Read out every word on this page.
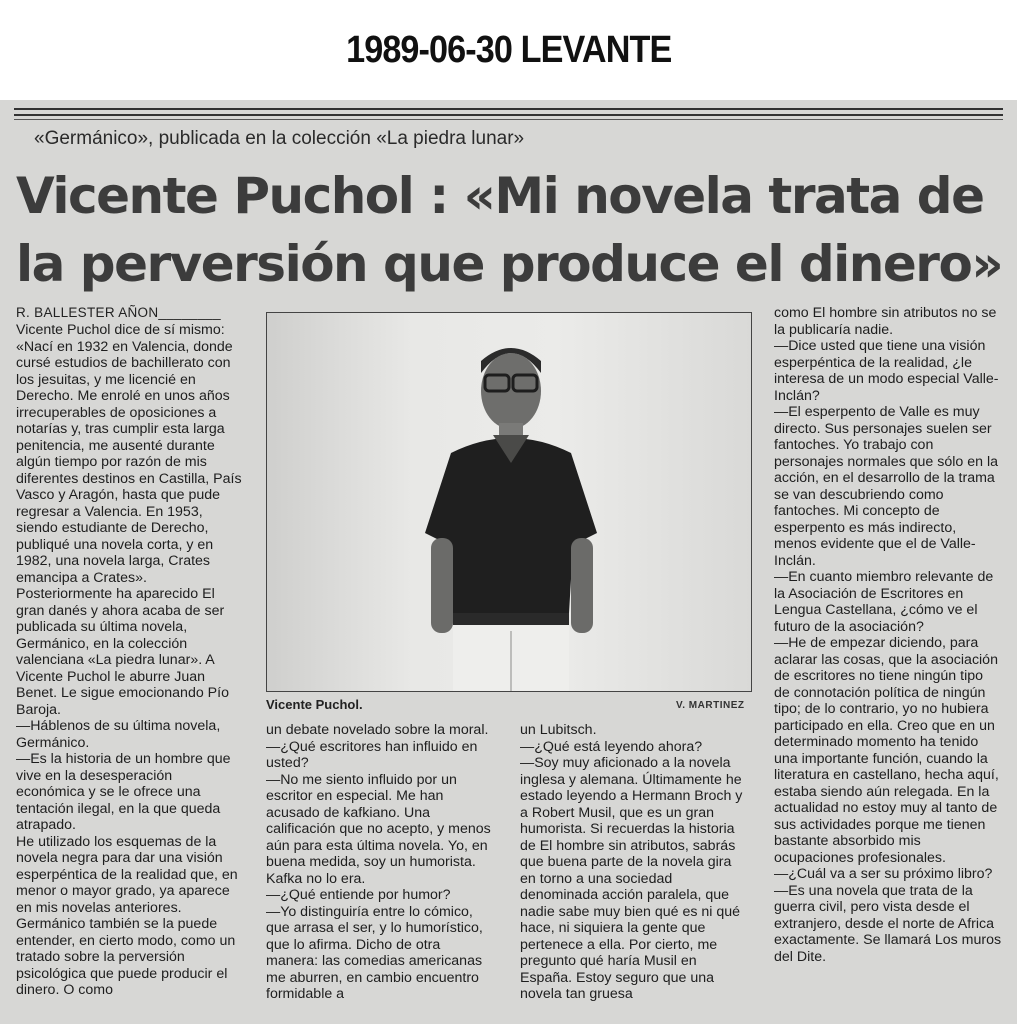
1989-06-30 LEVANTE
«Germánico», publicada en la colección «La piedra lunar»
Vicente Puchol : «Mi novela trata de la perversión que produce el dinero»
R. BALLESTER AÑON________
Vicente Puchol dice de sí mismo: «Nací en 1932 en Valencia, donde cursé estudios de bachillerato con los jesuitas, y me licencié en Derecho. Me enrolé en unos años irrecuperables de oposiciones a notarías y, tras cumplir esta larga penitencia, me ausenté durante algún tiempo por razón de mis diferentes destinos en Castilla, País Vasco y Aragón, hasta que pude regresar a Valencia. En 1953, siendo estudiante de Derecho, publiqué una novela corta, y en 1982, una novela larga, Crates emancipa a Crates». Posteriormente ha aparecido El gran danés y ahora acaba de ser publicada su última novela, Germánico, en la colección valenciana «La piedra lunar». A Vicente Puchol le aburre Juan Benet. Le sigue emocionando Pío Baroja.
—Háblenos de su última novela, Germánico.
—Es la historia de un hombre que vive en la desesperación económica y se le ofrece una tentación ilegal, en la que queda atrapado.
He utilizado los esquemas de la novela negra para dar una visión esperpéntica de la realidad que, en menor o mayor grado, ya aparece en mis novelas anteriores.
Germánico también se la puede entender, en cierto modo, como un tratado sobre la perversión psicológica que puede producir el dinero. O como
Vicente Puchol.	V. MARTINEZ
un debate novelado sobre la moral.
—¿Qué escritores han influido en usted?
—No me siento influido por un escritor en especial. Me han acusado de kafkiano. Una calificación que no acepto, y menos aún para esta última novela. Yo, en buena medida, soy un humorista. Kafka no lo era.
—¿Qué entiende por humor?
—Yo distinguiría entre lo cómico, que arrasa el ser, y lo humorístico, que lo afirma. Dicho de otra manera: las comedias americanas me aburren, en cambio encuentro formidable a
un Lubitsch.
—¿Qué está leyendo ahora?
—Soy muy aficionado a la novela inglesa y alemana. Últimamente he estado leyendo a Hermann Broch y a Robert Musil, que es un gran humorista. Si recuerdas la historia de El hombre sin atributos, sabrás que buena parte de la novela gira en torno a una sociedad denominada acción paralela, que nadie sabe muy bien qué es ni qué hace, ni siquiera la gente que pertenece a ella. Por cierto, me pregunto qué haría Musil en España. Estoy seguro que una novela tan gruesa
como El hombre sin atributos no se la publicaría nadie.
—Dice usted que tiene una visión esperpéntica de la realidad, ¿le interesa de un modo especial Valle-Inclán?
—El esperpento de Valle es muy directo. Sus personajes suelen ser fantoches. Yo trabajo con personajes normales que sólo en la acción, en el desarrollo de la trama se van descubriendo como fantoches. Mi concepto de esperpento es más indirecto, menos evidente que el de Valle-Inclán.
—En cuanto miembro relevante de la Asociación de Escritores en Lengua Castellana, ¿cómo ve el futuro de la asociación?
—He de empezar diciendo, para aclarar las cosas, que la asociación de escritores no tiene ningún tipo de connotación política de ningún tipo; de lo contrario, yo no hubiera participado en ella. Creo que en un determinado momento ha tenido una importante función, cuando la literatura en castellano, hecha aquí, estaba siendo aún relegada. En la actualidad no estoy muy al tanto de sus actividades porque me tienen bastante absorbido mis ocupaciones profesionales.
—¿Cuál va a ser su próximo libro?
—Es una novela que trata de la guerra civil, pero vista desde el extranjero, desde el norte de Africa exactamente. Se llamará Los muros del Dite.
